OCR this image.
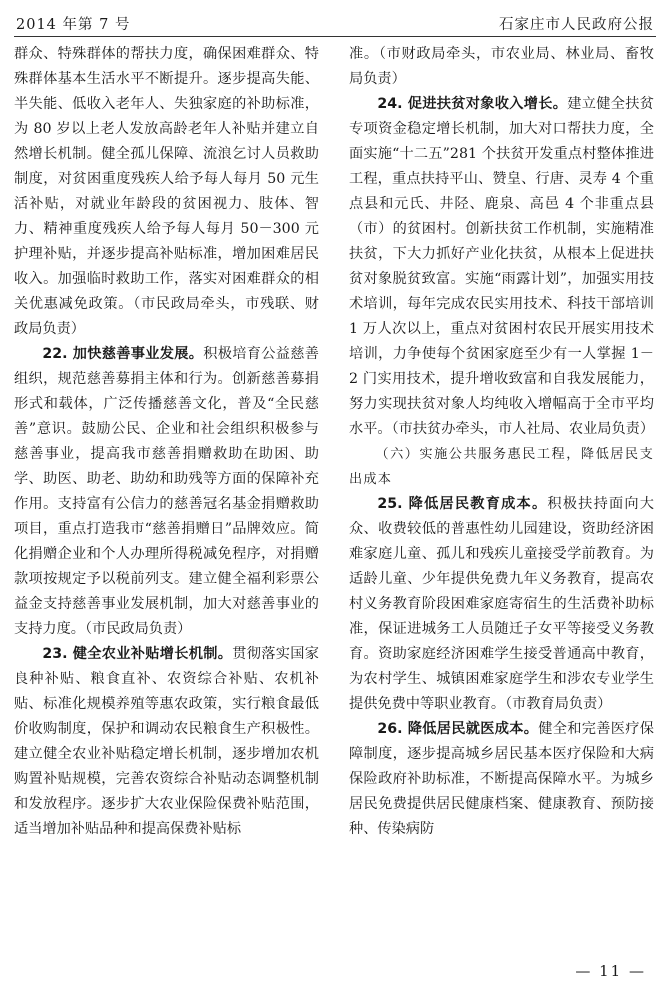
2014 年第 7 号	石家庄市人民政府公报

群众、特殊群体的帮扶力度，确保困难群众、特殊群体基本生活水平不断提升。逐步提高失能、半失能、低收入老年人、失独家庭的补助标准，为 80 岁以上老人发放高龄老年人补贴并建立自然增长机制。健全孤儿保障、流浪乞讨人员救助制度，对贫困重度残疾人给予每人每月 50 元生活补贴，对就业年龄段的贫困视力、肢体、智力、精神重度残疾人给予每人每月 50－300 元护理补贴，并逐步提高补贴标准，增加困难居民收入。加强临时救助工作，落实对困难群众的相关优惠减免政策。（市民政局牵头，市残联、财政局负责）

22. 加快慈善事业发展。积极培育公益慈善组织，规范慈善募捐主体和行为。创新慈善募捐形式和载体，广泛传播慈善文化，普及“全民慈善”意识。鼓励公民、企业和社会组织积极参与慈善事业，提高我市慈善捐赠救助在助困、助学、助医、助老、助幼和助残等方面的保障补充作用。支持富有公信力的慈善冠名基金捐赠救助项目，重点打造我市“慈善捐赠日”品牌效应。简化捐赠企业和个人办理所得税减免程序，对捐赠款项按规定予以税前列支。建立健全福利彩票公益金支持慈善事业发展机制，加大对慈善事业的支持力度。（市民政局负责）

23. 健全农业补贴增长机制。贯彻落实国家良种补贴、粮食直补、农资综合补贴、农机补贴、标准化规模养殖等惠农政策，实行粮食最低价收购制度，保护和调动农民粮食生产积极性。建立健全农业补贴稳定增长机制，逐步增加农机购置补贴规模，完善农资综合补贴动态调整机制和发放程序。逐步扩大农业保险保费补贴范围，适当增加补贴品种和提高保费补贴标

准。（市财政局牵头，市农业局、林业局、畜牧局负责）

24. 促进扶贫对象收入增长。建立健全扶贫专项资金稳定增长机制，加大对口帮扶力度，全面实施“十二五”281 个扶贫开发重点村整体推进工程，重点扶持平山、赞皇、行唐、灵寿 4 个重点县和元氏、井陉、鹿泉、高邑 4 个非重点县（市）的贫困村。创新扶贫工作机制，实施精准扶贫，下大力抓好产业化扶贫，从根本上促进扶贫对象脱贫致富。实施“雨露计划”，加强实用技术培训，每年完成农民实用技术、科技干部培训 1 万人次以上，重点对贫困村农民开展实用技术培训，力争使每个贫困家庭至少有一人掌握 1－2 门实用技术，提升增收致富和自我发展能力，努力实现扶贫对象人均纯收入增幅高于全市平均水平。（市扶贫办牵头，市人社局、农业局负责）

（六）实施公共服务惠民工程，降低居民支出成本

25. 降低居民教育成本。积极扶持面向大众、收费较低的普惠性幼儿园建设，资助经济困难家庭儿童、孤儿和残疾儿童接受学前教育。为适龄儿童、少年提供免费九年义务教育，提高农村义务教育阶段困难家庭寄宿生的生活费补助标准，保证进城务工人员随迁子女平等接受义务教育。资助家庭经济困难学生接受普通高中教育，为农村学生、城镇困难家庭学生和涉农专业学生提供免费中等职业教育。（市教育局负责）

26. 降低居民就医成本。健全和完善医疗保障制度，逐步提高城乡居民基本医疗保险和大病保险政府补助标准，不断提高保障水平。为城乡居民免费提供居民健康档案、健康教育、预防接种、传染病防

— 11 —
